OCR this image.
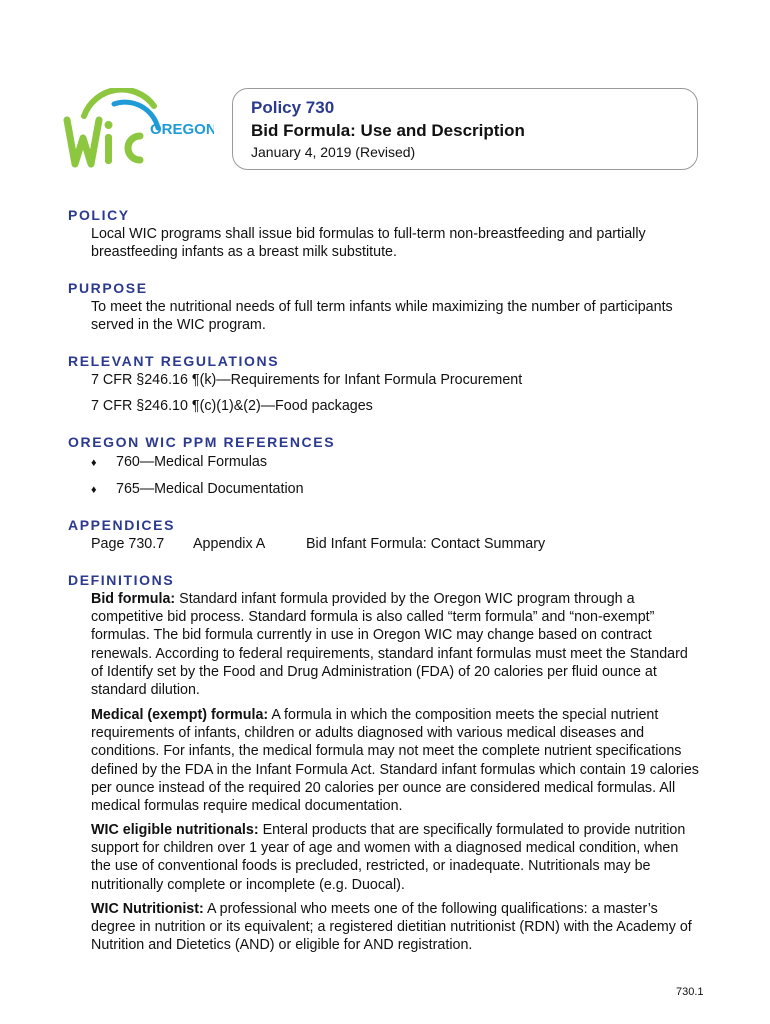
OREGON
Policy 730
Bid Formula: Use and Description
January 4, 2019 (Revised)
POLICY

Local WIC programs shall issue bid formulas to full-term non-breastfeeding and partially breastfeeding infants as a breast milk substitute.

PURPOSE

To meet the nutritional needs of full term infants while maximizing the number of participants served in the WIC program.

RELEVANT REGULATIONS

7 CFR §246.16 ¶(k)—Requirements for Infant Formula Procurement

7 CFR §246.10 ¶(c)(1)&(2)—Food packages

OREGON WIC PPM REFERENCES
♦ 760—Medical Formulas
♦ 765—Medical Documentation
APPENDICES
Page 730.7 Appendix A	Bid Infant Formula: Contact Summary
DEFINITIONS

Bid formula: Standard infant formula provided by the Oregon WIC program through a competitive bid process. Standard formula is also called “term formula” and “non-exempt” formulas. The bid formula currently in use in Oregon WIC may change based on contract renewals. According to federal requirements, standard infant formulas must meet the Standard of Identify set by the Food and Drug Administration (FDA) of 20 calories per fluid ounce at standard dilution.

Medical (exempt) formula: A formula in which the composition meets the special nutrient requirements of infants, children or adults diagnosed with various medical diseases and conditions. For infants, the medical formula may not meet the complete nutrient specifications defined by the FDA in the Infant Formula Act. Standard infant formulas which contain 19 calories per ounce instead of the required 20 calories per ounce are considered medical formulas. All medical formulas require medical documentation.

WIC eligible nutritionals: Enteral products that are specifically formulated to provide nutrition support for children over 1 year of age and women with a diagnosed medical condition, when the use of conventional foods is precluded, restricted, or inadequate. Nutritionals may be nutritionally complete or incomplete (e.g. Duocal).

WIC Nutritionist: A professional who meets one of the following qualifications: a master’s degree in nutrition or its equivalent; a registered dietitian nutritionist (RDN) with the Academy of Nutrition and Dietetics (AND) or eligible for AND registration.

730.1
